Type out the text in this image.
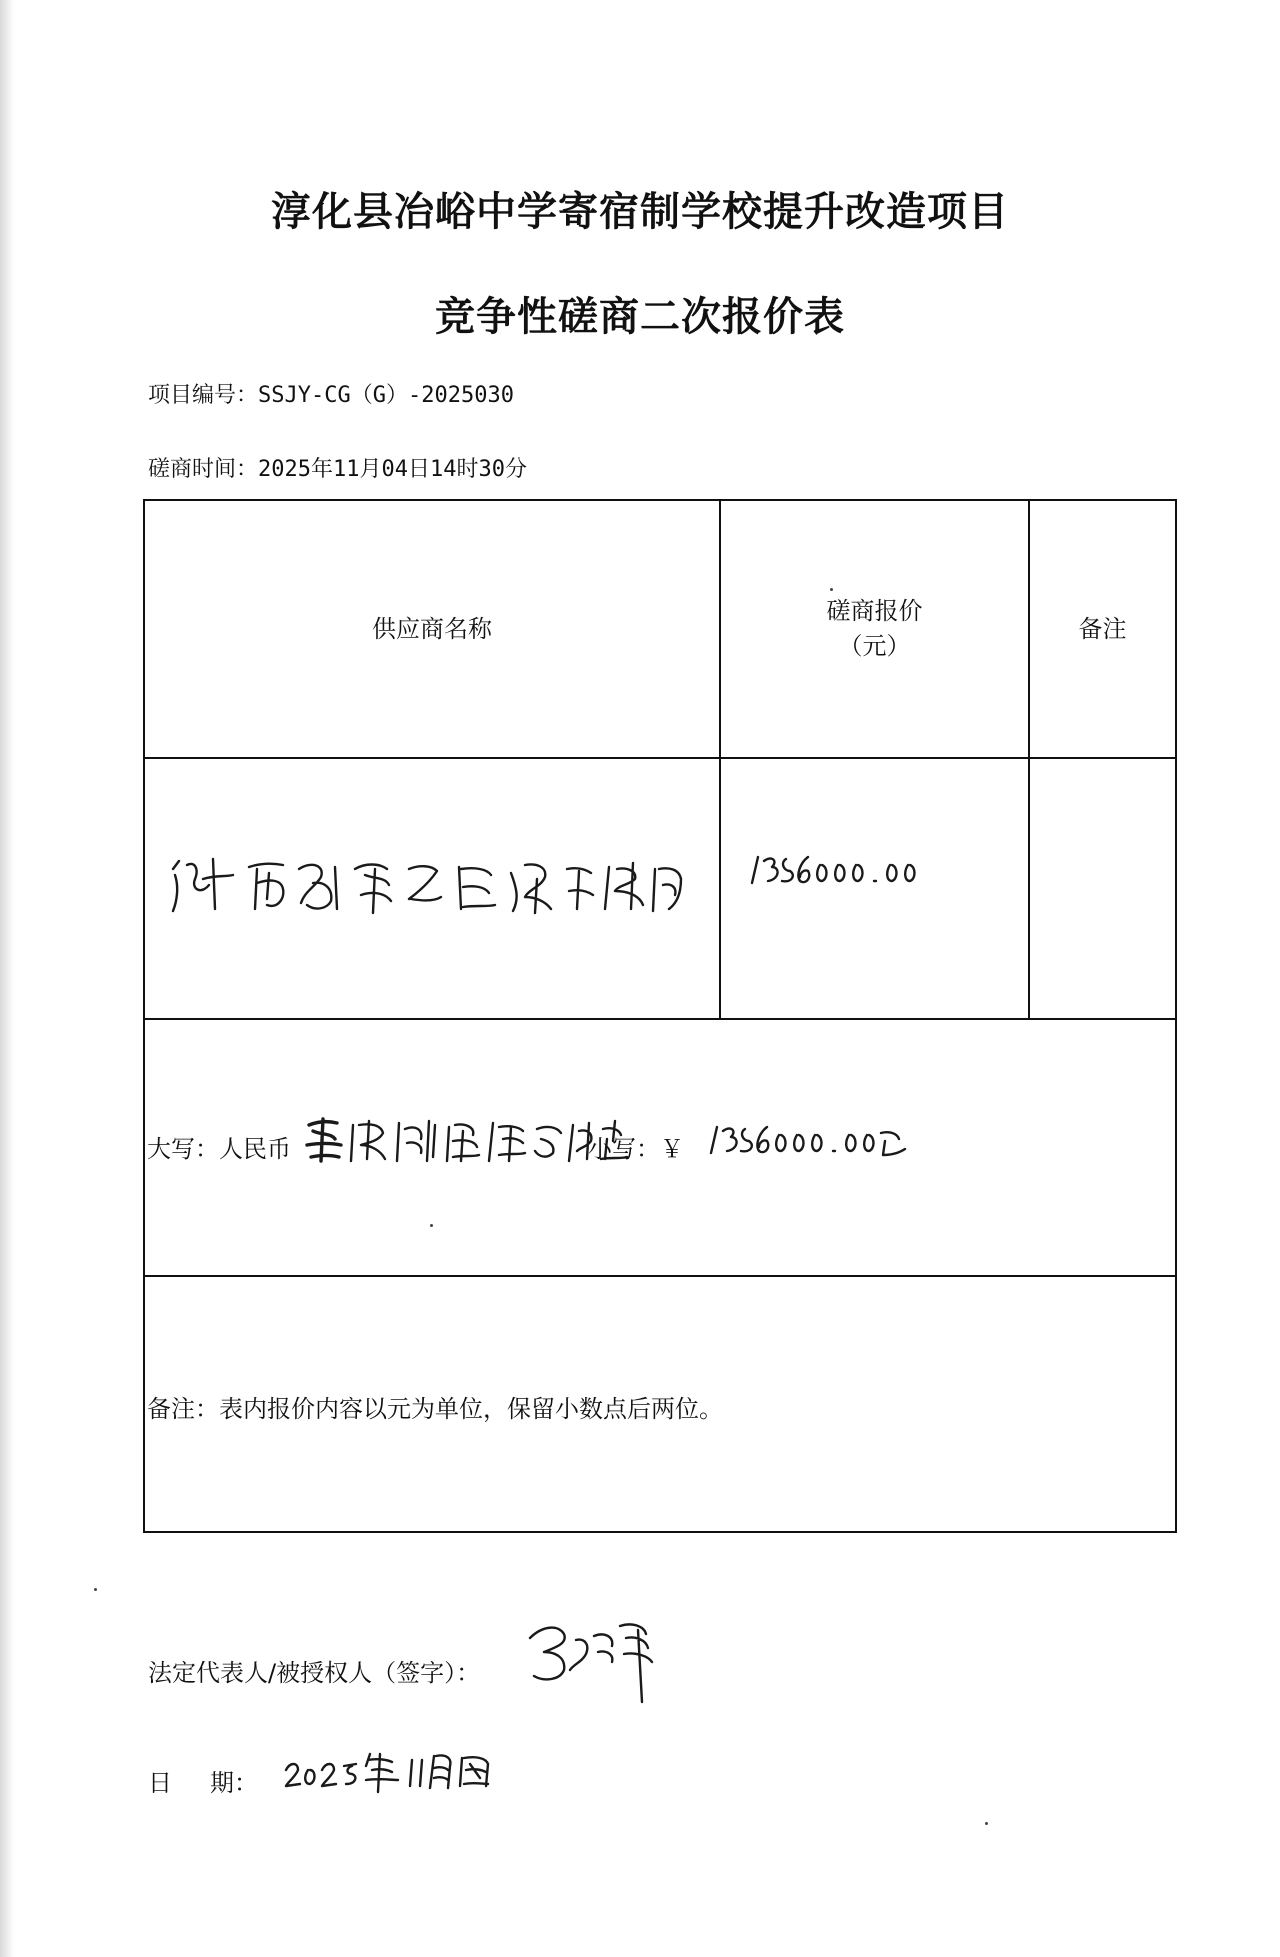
淳化县冶峪中学寄宿制学校提升改造项目
竞争性磋商二次报价表
项目编号：SSJY-CG（G）-2025030
磋商时间：2025年11月04日14时30分
供应商名称
磋商报价
（元）
备注
大写：人民币	小写：￥
备注：表内报价内容以元为单位，保留小数点后两位。
法定代表人/被授权人（签字）：
日 期：
